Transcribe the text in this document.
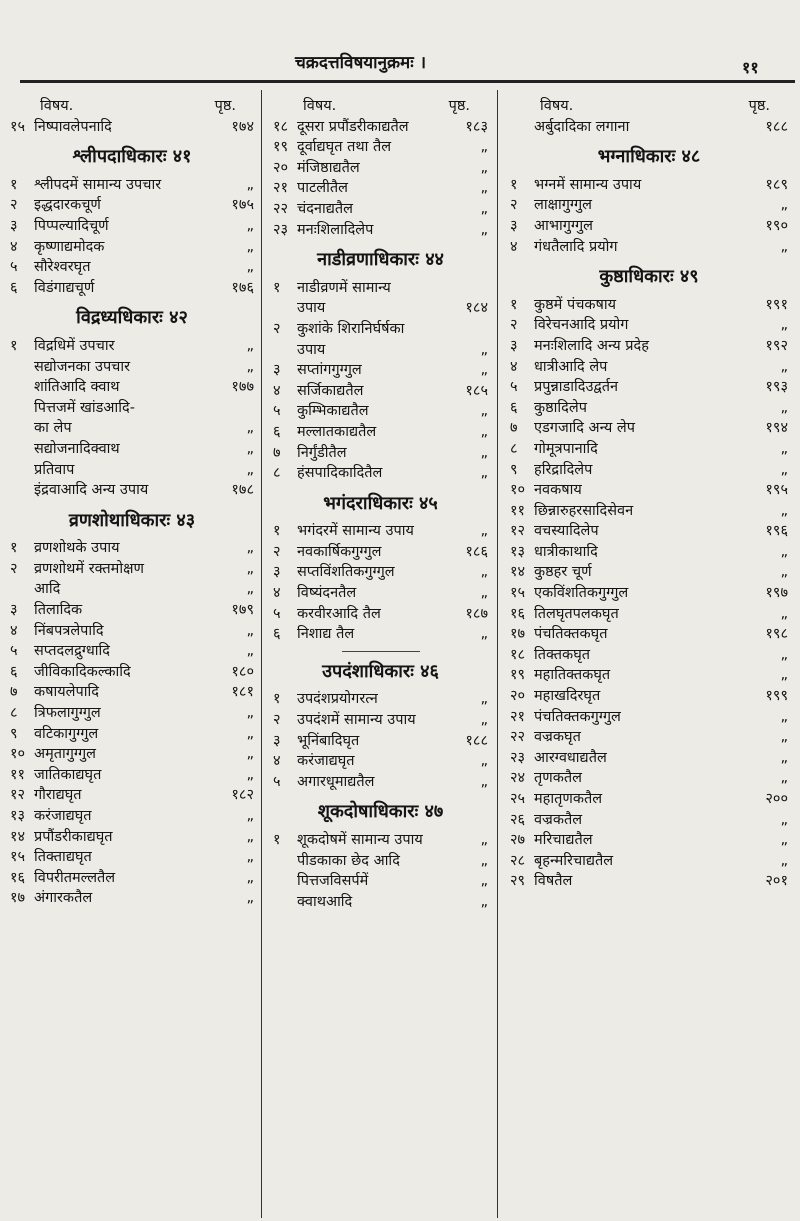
चक्रदत्तविषयानुक्रमः ।	११
विषय.	पृष्ठ.
१५ निष्पावलेपनादि	१७४
श्लीपदाधिकारः ४१
१	श्लीपदमें सामान्य उपचार	„
२	इद्धदारकचूर्ण	१७५
३	पिप्पल्यादिचूर्ण	„
४	कृष्णाद्यमोदक	„
५	सौरेश्वरघृत	„
६	विडंगाद्यचूर्ण	१७६
विद्रध्यधिकारः ४२
१	विद्रधिमें उपचार	„
सद्योजनका उपचार	„
शांतिआदि क्वाथ	१७७
पित्तजमें खांडआदि-
का लेप	„
सद्योजनादिक्वाथ	„
प्रतिवाप	„
इंद्रवाआदि अन्य उपाय	१७८
व्रणशोथाधिकारः ४३
१	व्रणशोथके उपाय	„
२	व्रणशोथमें रक्तमोक्षण	„
आदि	„
३	तिलादिक	१७९
४	निंबपत्रलेपादि	„
५	सप्तदलद्रुग्धादि	„
६	जीविकादिकल्कादि	१८०
७	कषायलेपादि	१८१
८	त्रिफलागुग्गुल	„
९	वटिकागुग्गुल	„
१० अमृतागुग्गुल	„
११ जातिकाद्यघृत	„
१२ गौराद्यघृत	१८२
१३ करंजाद्यघृत	„
१४ प्रपौंडरीकाद्यघृत	„
१५ तिक्ताद्यघृत	„
१६ विपरीतमल्लतैल	„
१७ अंगारकतैल	„
विषय.	पृष्ठ.
१८ दूसरा प्रपौंडरीकाद्यतैल	१८३
१९ दूर्वाद्यघृत तथा तैल	„
२० मंजिष्ठाद्यतैल	„
२१ पाटलीतैल	„
२२ चंदनाद्यतैल	„
२३ मनःशिलादिलेप	„
नाडीव्रणाधिकारः ४४
१	नाडीव्रणमें सामान्य
उपाय	१८४
२	कुशांके शिरानिर्घर्षका
उपाय	„
३	सप्तांगगुग्गुल	„
४	सर्जिकाद्यतैल	१८५
५	कुम्भिकाद्यतैल	„
६	मल्लातकाद्यतैल	„
७	निर्गुंडीतैल	„
८	हंसपादिकादितैल	„
भगंदराधिकारः ४५
१	भगंदरमें सामान्य उपाय	„
२	नवकार्षिकगुग्गुल	१८६
३	सप्तविंशतिकगुग्गुल	„
४	विष्यंदनतैल	„
५	करवीरआदि तैल	१८७
६	निशाद्य तैल	„
उपदंशाधिकारः ४६
१	उपदंशप्रयोगरत्न	„
२	उपदंशमें सामान्य उपाय	„
३	भूनिंबादिघृत	१८८
४	करंजाद्यघृत	„
५	अगारधूमाद्यतैल	„
शूकदोषाधिकारः ४७
१	शूकदोषमें सामान्य उपाय	„
पीडकाका छेद आदि	„
पित्तजविसर्पमें	„
क्वाथआदि	„
विषय.	पृष्ठ.
अर्बुदादिका लगाना	१८८
भग्नाधिकारः ४८
१	भग्नमें सामान्य उपाय	१८९
२	लाक्षागुग्गुल	„
३	आभागुग्गुल	१९०
४	गंधतैलादि प्रयोग	„
कुष्ठाधिकारः ४९
१	कुष्ठमें पंचकषाय	१९१
२	विरेचनआदि प्रयोग	„
३	मनःशिलादि अन्य प्रदेह	१९२
४	धात्रीआदि लेप	„
५	प्रपुन्नाडादिउद्वर्तन	१९३
६	कुष्ठादिलेप	„
७	एडगजादि अन्य लेप	१९४
८	गोमूत्रपानादि	„
९	हरिद्रादिलेप	„
१० नवकषाय	१९५
११ छिन्नारुहरसादिसेवन	„
१२ वचस्यादिलेप	१९६
१३ धात्रीकाथादि	„
१४ कुष्ठहर चूर्ण	„
१५ एकविंशतिकगुग्गुल	१९७
१६ तिलघृतपलकघृत	„
१७ पंचतिक्तकघृत	१९८
१८ तिक्तकघृत	„
१९ महातिक्तकघृत	„
२० महाखदिरघृत	१९९
२१ पंचतिक्तकगुग्गुल	„
२२ वज्रकघृत	„
२३ आरग्वधाद्यतैल	„
२४ तृणकतैल	„
२५ महातृणकतैल	२००
२६ वज्रकतैल	„
२७ मरिचाद्यतैल	„
२८ बृहन्मरिचाद्यतैल	„
२९ विषतैल	२०१
